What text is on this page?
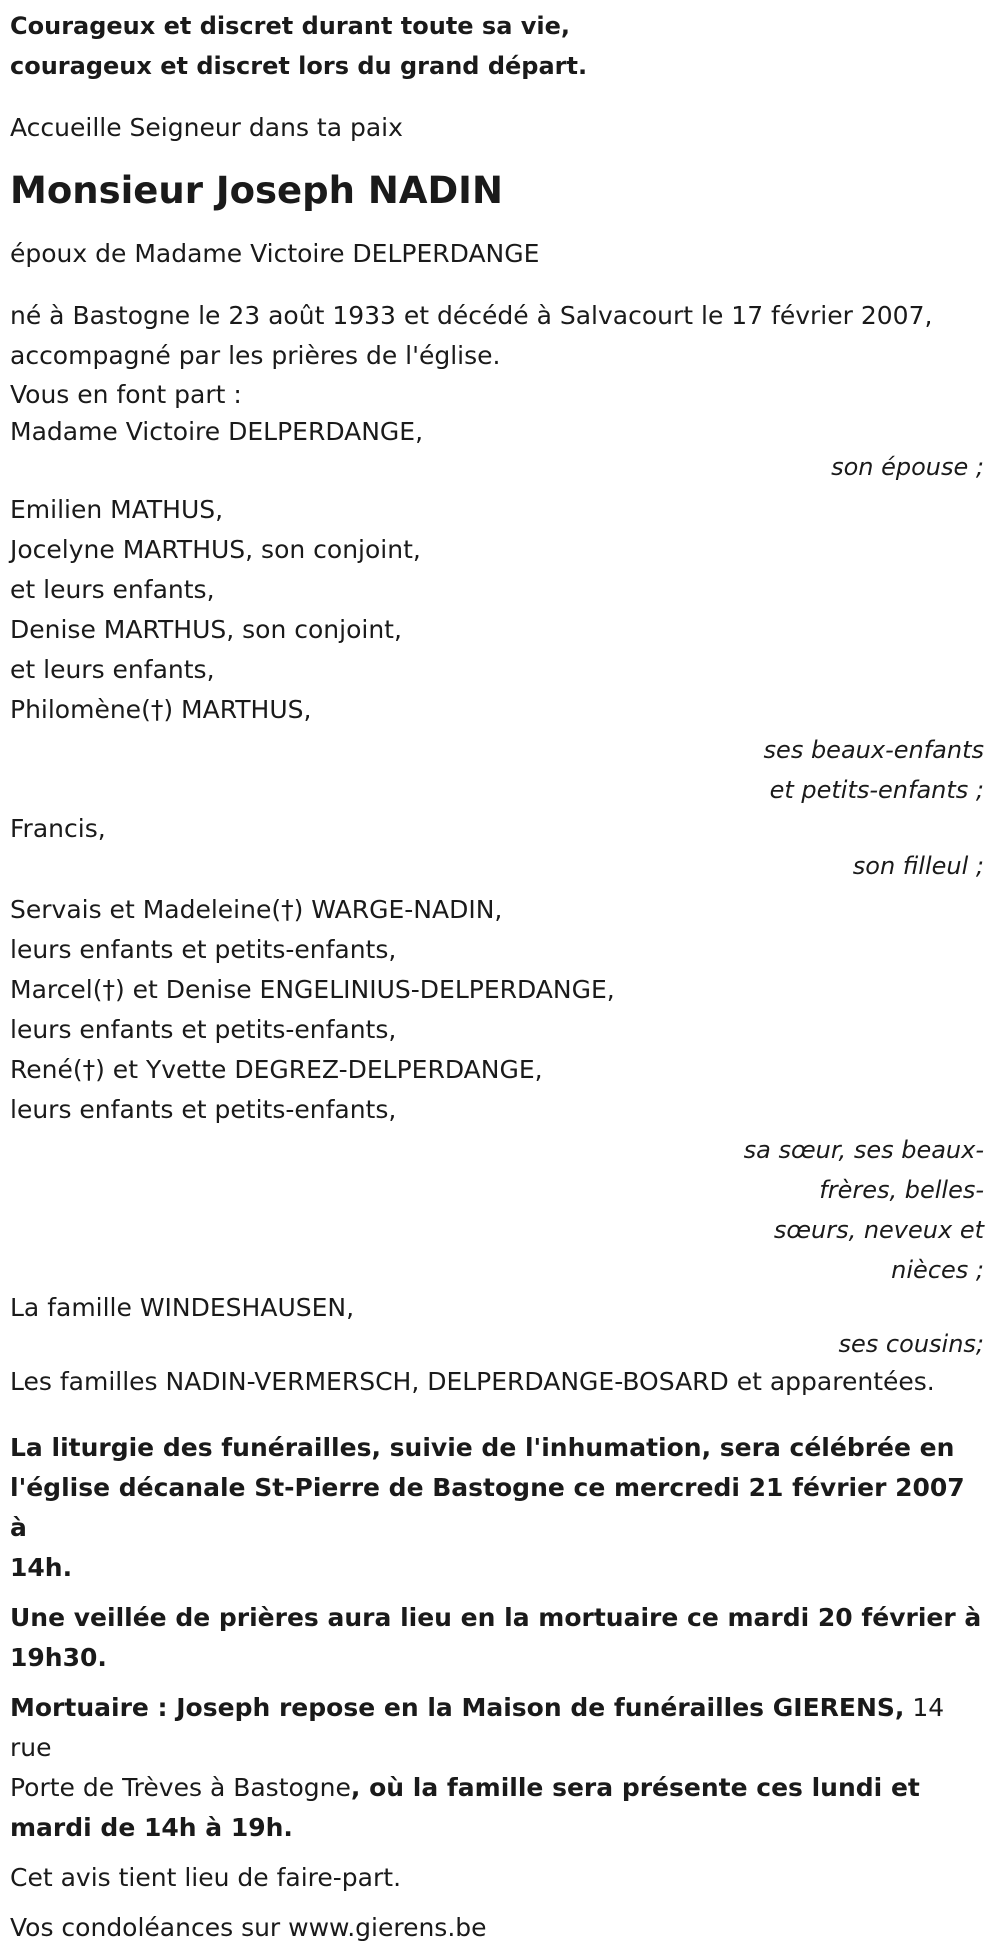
Courageux et discret durant toute sa vie,

courageux et discret lors du grand départ.

Accueille Seigneur dans ta paix

Monsieur Joseph NADIN

époux de Madame Victoire DELPERDANGE

né à Bastogne le 23 août 1933 et décédé à Salvacourt le 17 février 2007,

accompagné par les prières de l'église.

Vous en font part :

Madame Victoire DELPERDANGE,

son épouse ;

Emilien MATHUS,

Jocelyne MARTHUS, son conjoint,

et leurs enfants,

Denise MARTHUS, son conjoint,

et leurs enfants,

Philomène(†) MARTHUS,

ses beaux-enfants

et petits-enfants ;

Francis,

son filleul ;

Servais et Madeleine(†) WARGE-NADIN,

leurs enfants et petits-enfants,

Marcel(†) et Denise ENGELINIUS-DELPERDANGE,

leurs enfants et petits-enfants,

René(†) et Yvette DEGREZ-DELPERDANGE,

leurs enfants et petits-enfants,

sa sœur, ses beaux-

frères, belles-

sœurs, neveux et

nièces ;

La famille WINDESHAUSEN,

ses cousins;

Les familles NADIN-VERMERSCH, DELPERDANGE-BOSARD et apparentées.

La liturgie des funérailles, suivie de l'inhumation, sera célébrée en

l'église décanale St-Pierre de Bastogne ce mercredi 21 février 2007 à

14h.

Une veillée de prières aura lieu en la mortuaire ce mardi 20 février à

19h30.

Mortuaire : Joseph repose en la Maison de funérailles GIERENS, 14 rue

Porte de Trèves à Bastogne, où la famille sera présente ces lundi et

mardi de 14h à 19h.

Cet avis tient lieu de faire-part.

Vos condoléances sur www.gierens.be
